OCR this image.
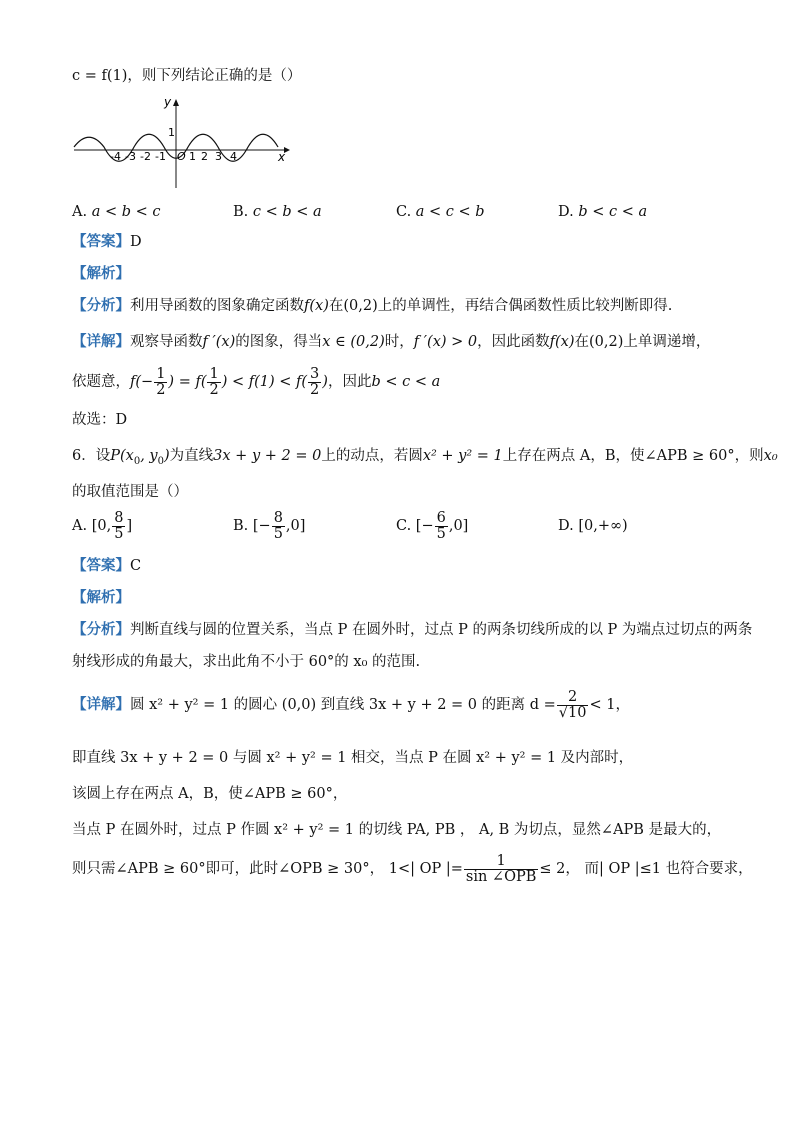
c = f(1)，则下列结论正确的是（）
y
x
1
O
-4 -3 -2 -1 1 2 3 4
A. a < b < c	B. c < b < a	C. a < c < b	D. b < c < a
【答案】D
【解析】
【分析】利用导函数的图象确定函数f(x)在(0,2)上的单调性，再结合偶函数性质比较判断即得.
【详解】观察导函数f ′(x)的图象，得当x ∈ (0,2)时，f ′(x) > 0，因此函数f(x)在(0,2)上单调递增，
依题意，$f(- \frac{1}{2}$ ) = $f( \frac{1}{2}$ ) < $f(1) < f( \frac{3}{2}$ )，因此b < c < a
故选：D
6．设$P(x_0$, $y_0$)为直线3x + y + 2 = 0上的动点，若圆x² + y² = 1上存在两点 A，B，使∠APB ≥ 60°，则x₀
的取值范围是（）
A. [0, $\frac{8}{5}$ ]	B. [− $\frac{8}{5} ,0$]	C. [− $\frac{6}{5} ,0$]	D. [0,+∞)
【答案】C
【解析】
【分析】判断直线与圆的位置关系，当点 P 在圆外时，过点 P 的两条切线所成的以 P 为端点过切点的两条
射线形成的角最大，求出此角不小于 60°的 x₀ 的范围.
【详解】圆 x² + y² = 1 的圆心 (0,0) 到直线 3x + y + 2 = 0 的距离 $d = \frac{2}{√10} < 1$，
即直线 3x + y + 2 = 0 与圆 x² + y² = 1 相交，当点 P 在圆 x² + y² = 1 及内部时，
该圆上存在两点 A，B，使∠APB ≥ 60°，
当点 P 在圆外时，过点 P 作圆 x² + y² = 1 的切线 PA, PB ， A, B 为切点，显然∠APB 是最大的，
则只需∠APB ≥ 60°即可，此时∠OPB ≥ 30°， 1<| OP |= $\frac{1}{\text{sin ∠OPB}} \le 2$， 而| OP |≤1 也符合要求，
